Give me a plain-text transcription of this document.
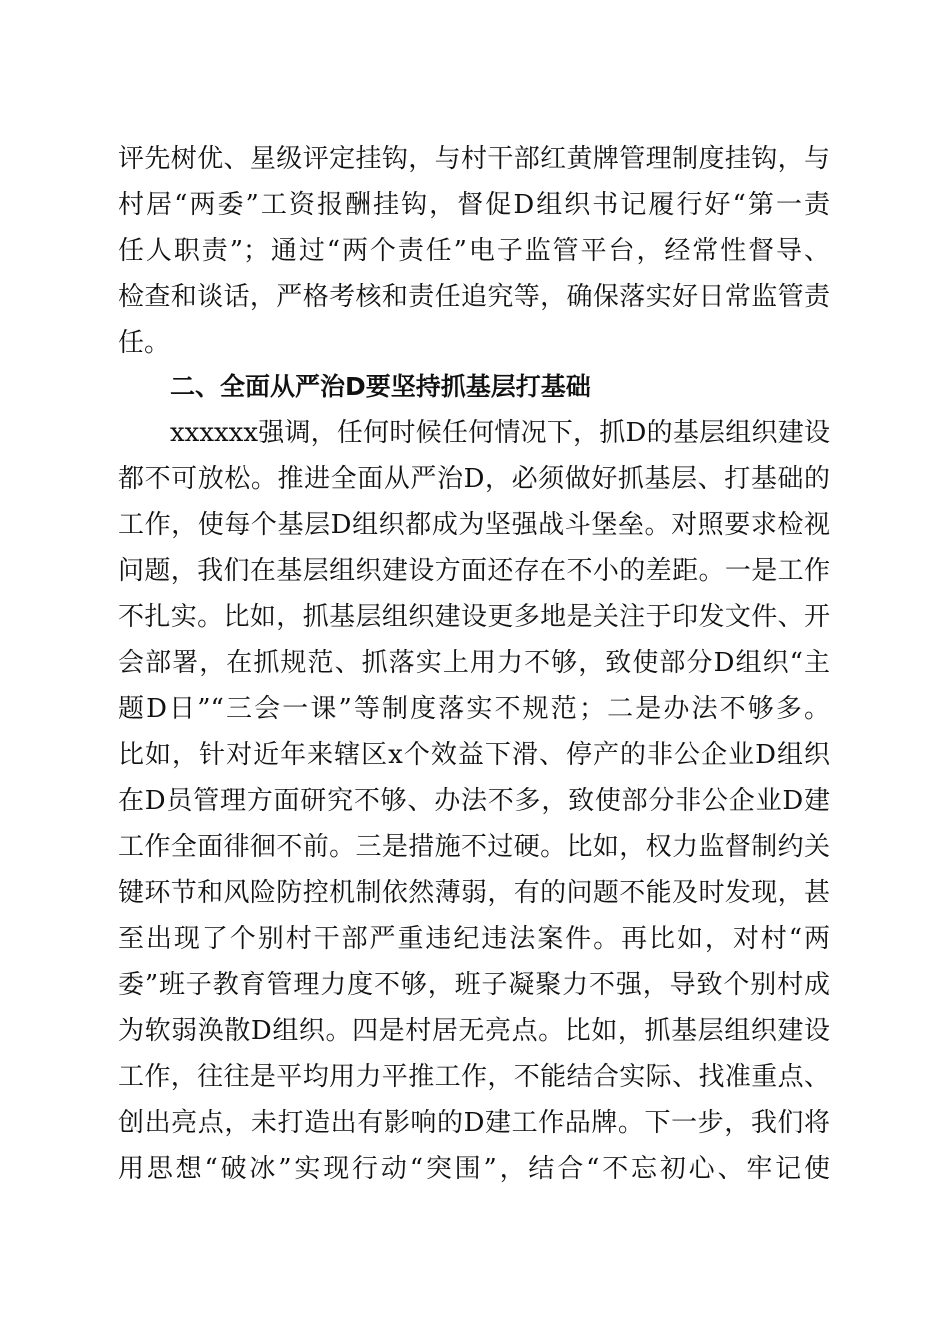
评先树优、星级评定挂钩，与村干部红黄牌管理制度挂钩，与
村居“两委”工资报酬挂钩，督促D组织书记履行好“第一责
任人职责”；通过“两个责任”电子监管平台，经常性督导、
检查和谈话，严格考核和责任追究等，确保落实好日常监管责
任。
二、全面从严治D要坚持抓基层打基础
xxxxxx强调，任何时候任何情况下，抓D的基层组织建设
都不可放松。推进全面从严治D，必须做好抓基层、打基础的
工作，使每个基层D组织都成为坚强战斗堡垒。对照要求检视
问题，我们在基层组织建设方面还存在不小的差距。一是工作
不扎实。比如，抓基层组织建设更多地是关注于印发文件、开
会部署，在抓规范、抓落实上用力不够，致使部分D组织“主
题D日”“三会一课”等制度落实不规范；二是办法不够多。
比如，针对近年来辖区x个效益下滑、停产的非公企业D组织
在D员管理方面研究不够、办法不多，致使部分非公企业D建
工作全面徘徊不前。三是措施不过硬。比如，权力监督制约关
键环节和风险防控机制依然薄弱，有的问题不能及时发现，甚
至出现了个别村干部严重违纪违法案件。再比如，对村“两
委”班子教育管理力度不够，班子凝聚力不强，导致个别村成
为软弱涣散D组织。四是村居无亮点。比如，抓基层组织建设
工作，往往是平均用力平推工作，不能结合实际、找准重点、
创出亮点，未打造出有影响的D建工作品牌。下一步，我们将
用思想“破冰”实现行动“突围”，结合“不忘初心、牢记使
